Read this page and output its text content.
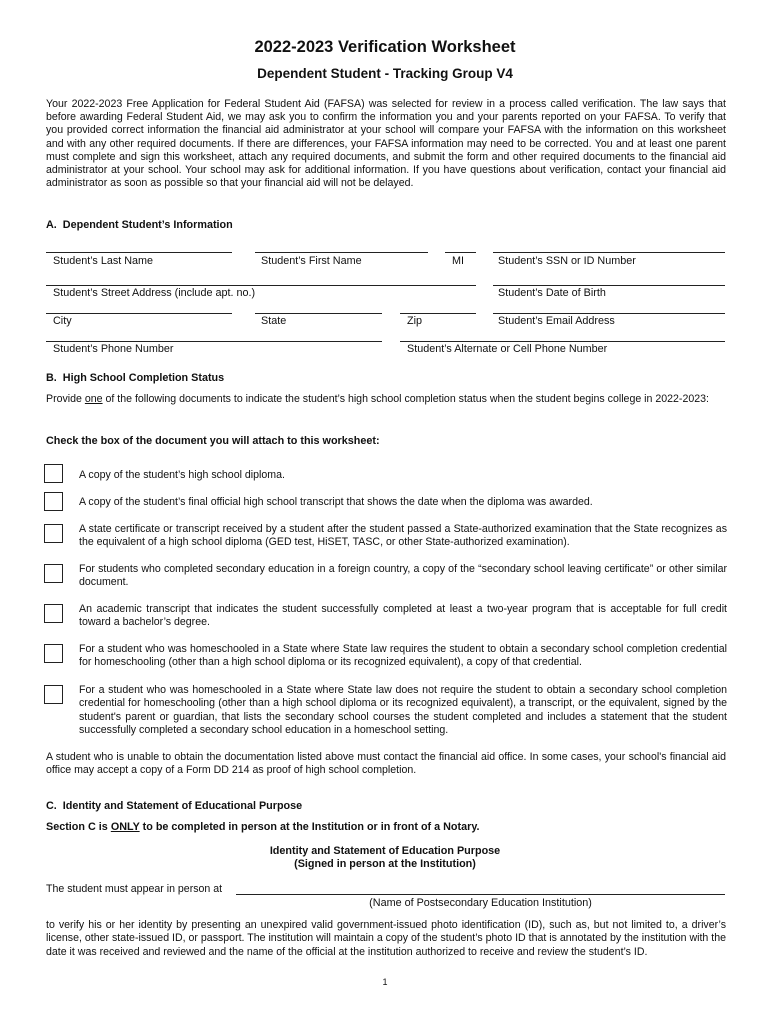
2022-2023 Verification Worksheet
Dependent Student - Tracking Group V4
Your 2022-2023 Free Application for Federal Student Aid (FAFSA) was selected for review in a process called verification. The law says that before awarding Federal Student Aid, we may ask you to confirm the information you and your parents reported on your FAFSA. To verify that you provided correct information the financial aid administrator at your school will compare your FAFSA with the information on this worksheet and with any other required documents. If there are differences, your FAFSA information may need to be corrected. You and at least one parent must complete and sign this worksheet, attach any required documents, and submit the form and other required documents to the financial aid administrator at your school. Your school may ask for additional information. If you have questions about verification, contact your financial aid administrator as soon as possible so that your financial aid will not be delayed.
A.  Dependent Student’s Information
Student’s Last Name	Student’s First Name	MI	Student’s SSN or ID Number
Student’s Street Address (include apt. no.)	Student’s Date of Birth
City	State	Zip	Student’s Email Address
Student’s Phone Number	Student’s Alternate or Cell Phone Number
B.  High School Completion Status
Provide one of the following documents to indicate the student’s high school completion status when the student begins college in 2022-2023:
Check the box of the document you will attach to this worksheet:
A copy of the student’s high school diploma.
A copy of the student’s final official high school transcript that shows the date when the diploma was awarded.
A state certificate or transcript received by a student after the student passed a State-authorized examination that the State recognizes as the equivalent of a high school diploma (GED test, HiSET, TASC, or other State-authorized examination).
For students who completed secondary education in a foreign country, a copy of the “secondary school leaving certificate” or other similar document.
An academic transcript that indicates the student successfully completed at least a two-year program that is acceptable for full credit toward a bachelor’s degree.
For a student who was homeschooled in a State where State law requires the student to obtain a secondary school completion credential for homeschooling (other than a high school diploma or its recognized equivalent), a copy of that credential.
For a student who was homeschooled in a State where State law does not require the student to obtain a secondary school completion credential for homeschooling (other than a high school diploma or its recognized equivalent), a transcript, or the equivalent, signed by the student's parent or guardian, that lists the secondary school courses the student completed and includes a statement that the student successfully completed a secondary school education in a homeschool setting.
A student who is unable to obtain the documentation listed above must contact the financial aid office. In some cases, your school's financial aid office may accept a copy of a Form DD 214 as proof of high school completion.
C.  Identity and Statement of Educational Purpose
Section C is ONLY to be completed in person at the Institution or in front of a Notary.
Identity and Statement of Education Purpose
(Signed in person at the Institution)
The student must appear in person at
(Name of Postsecondary Education Institution)
to verify his or her identity by presenting an unexpired valid government-issued photo identification (ID), such as, but not limited to, a driver’s license, other state-issued ID, or passport. The institution will maintain a copy of the student’s photo ID that is annotated by the institution with the date it was received and reviewed and the name of the official at the institution authorized to receive and review the student’s ID.
1
